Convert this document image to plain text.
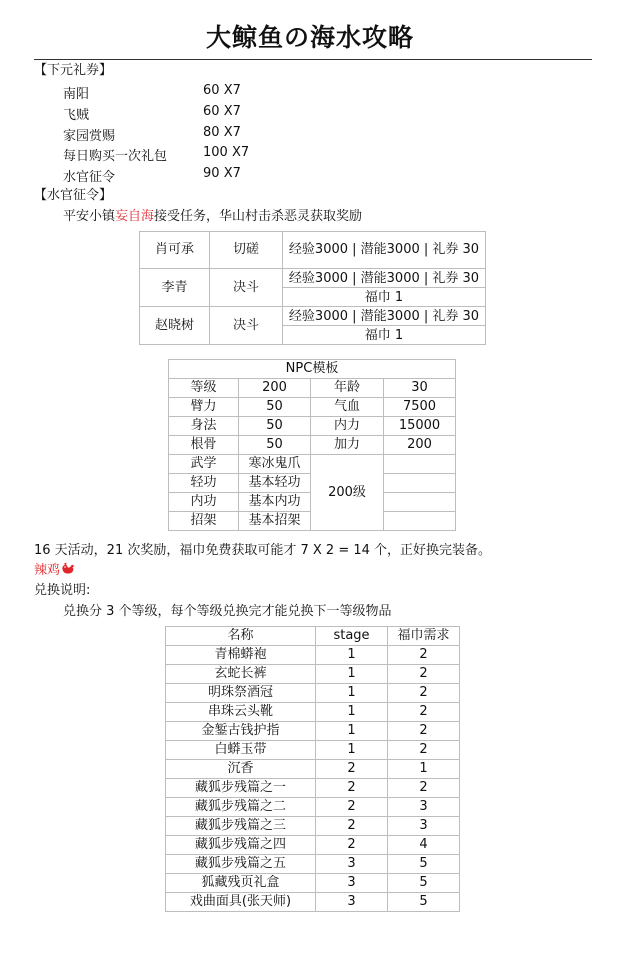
大鲸鱼の海水攻略
【下元礼券】
南阳	60 X7
飞贼	60 X7
家园赏赐	80 X7
每日购买一次礼包	100 X7
水官征令	90 X7
【水官征令】
平安小镇妄自海接受任务，华山村击杀恶灵获取奖励
肖可承	切磋	经验3000 | 潜能3000 | 礼券 30
李青	决斗	经验3000 | 潜能3000 | 礼券 30
		福巾 1
赵晓树	决斗	经验3000 | 潜能3000 | 礼券 30
		福巾 1
NPC模板			
等级	200	年龄	30
臂力	50	气血	7500
身法	50	内力	15000
根骨	50	加力	200
武学	寒冰鬼爪	200级	
轻功	基本轻功		
内功	基本内功		
招架	基本招架		
16 天活动，21 次奖励，福巾免费获取可能才 7 X 2 = 14 个，正好换完装备。
辣鸡
兑换说明:
兑换分 3 个等级，每个等级兑换完才能兑换下一等级物品
名称	stage	福巾需求
青棉蟒袍	1	2
玄蛇长裤	1	2
明珠祭酒冠	1	2
串珠云头靴	1	2
金錾古钱护指	1	2
白蟒玉带	1	2
沉香	2	1
藏狐步残篇之一	2	2
藏狐步残篇之二	2	3
藏狐步残篇之三	2	3
藏狐步残篇之四	2	4
藏狐步残篇之五	3	5
狐藏残页礼盒	3	5
戏曲面具(张天师)	3	5
